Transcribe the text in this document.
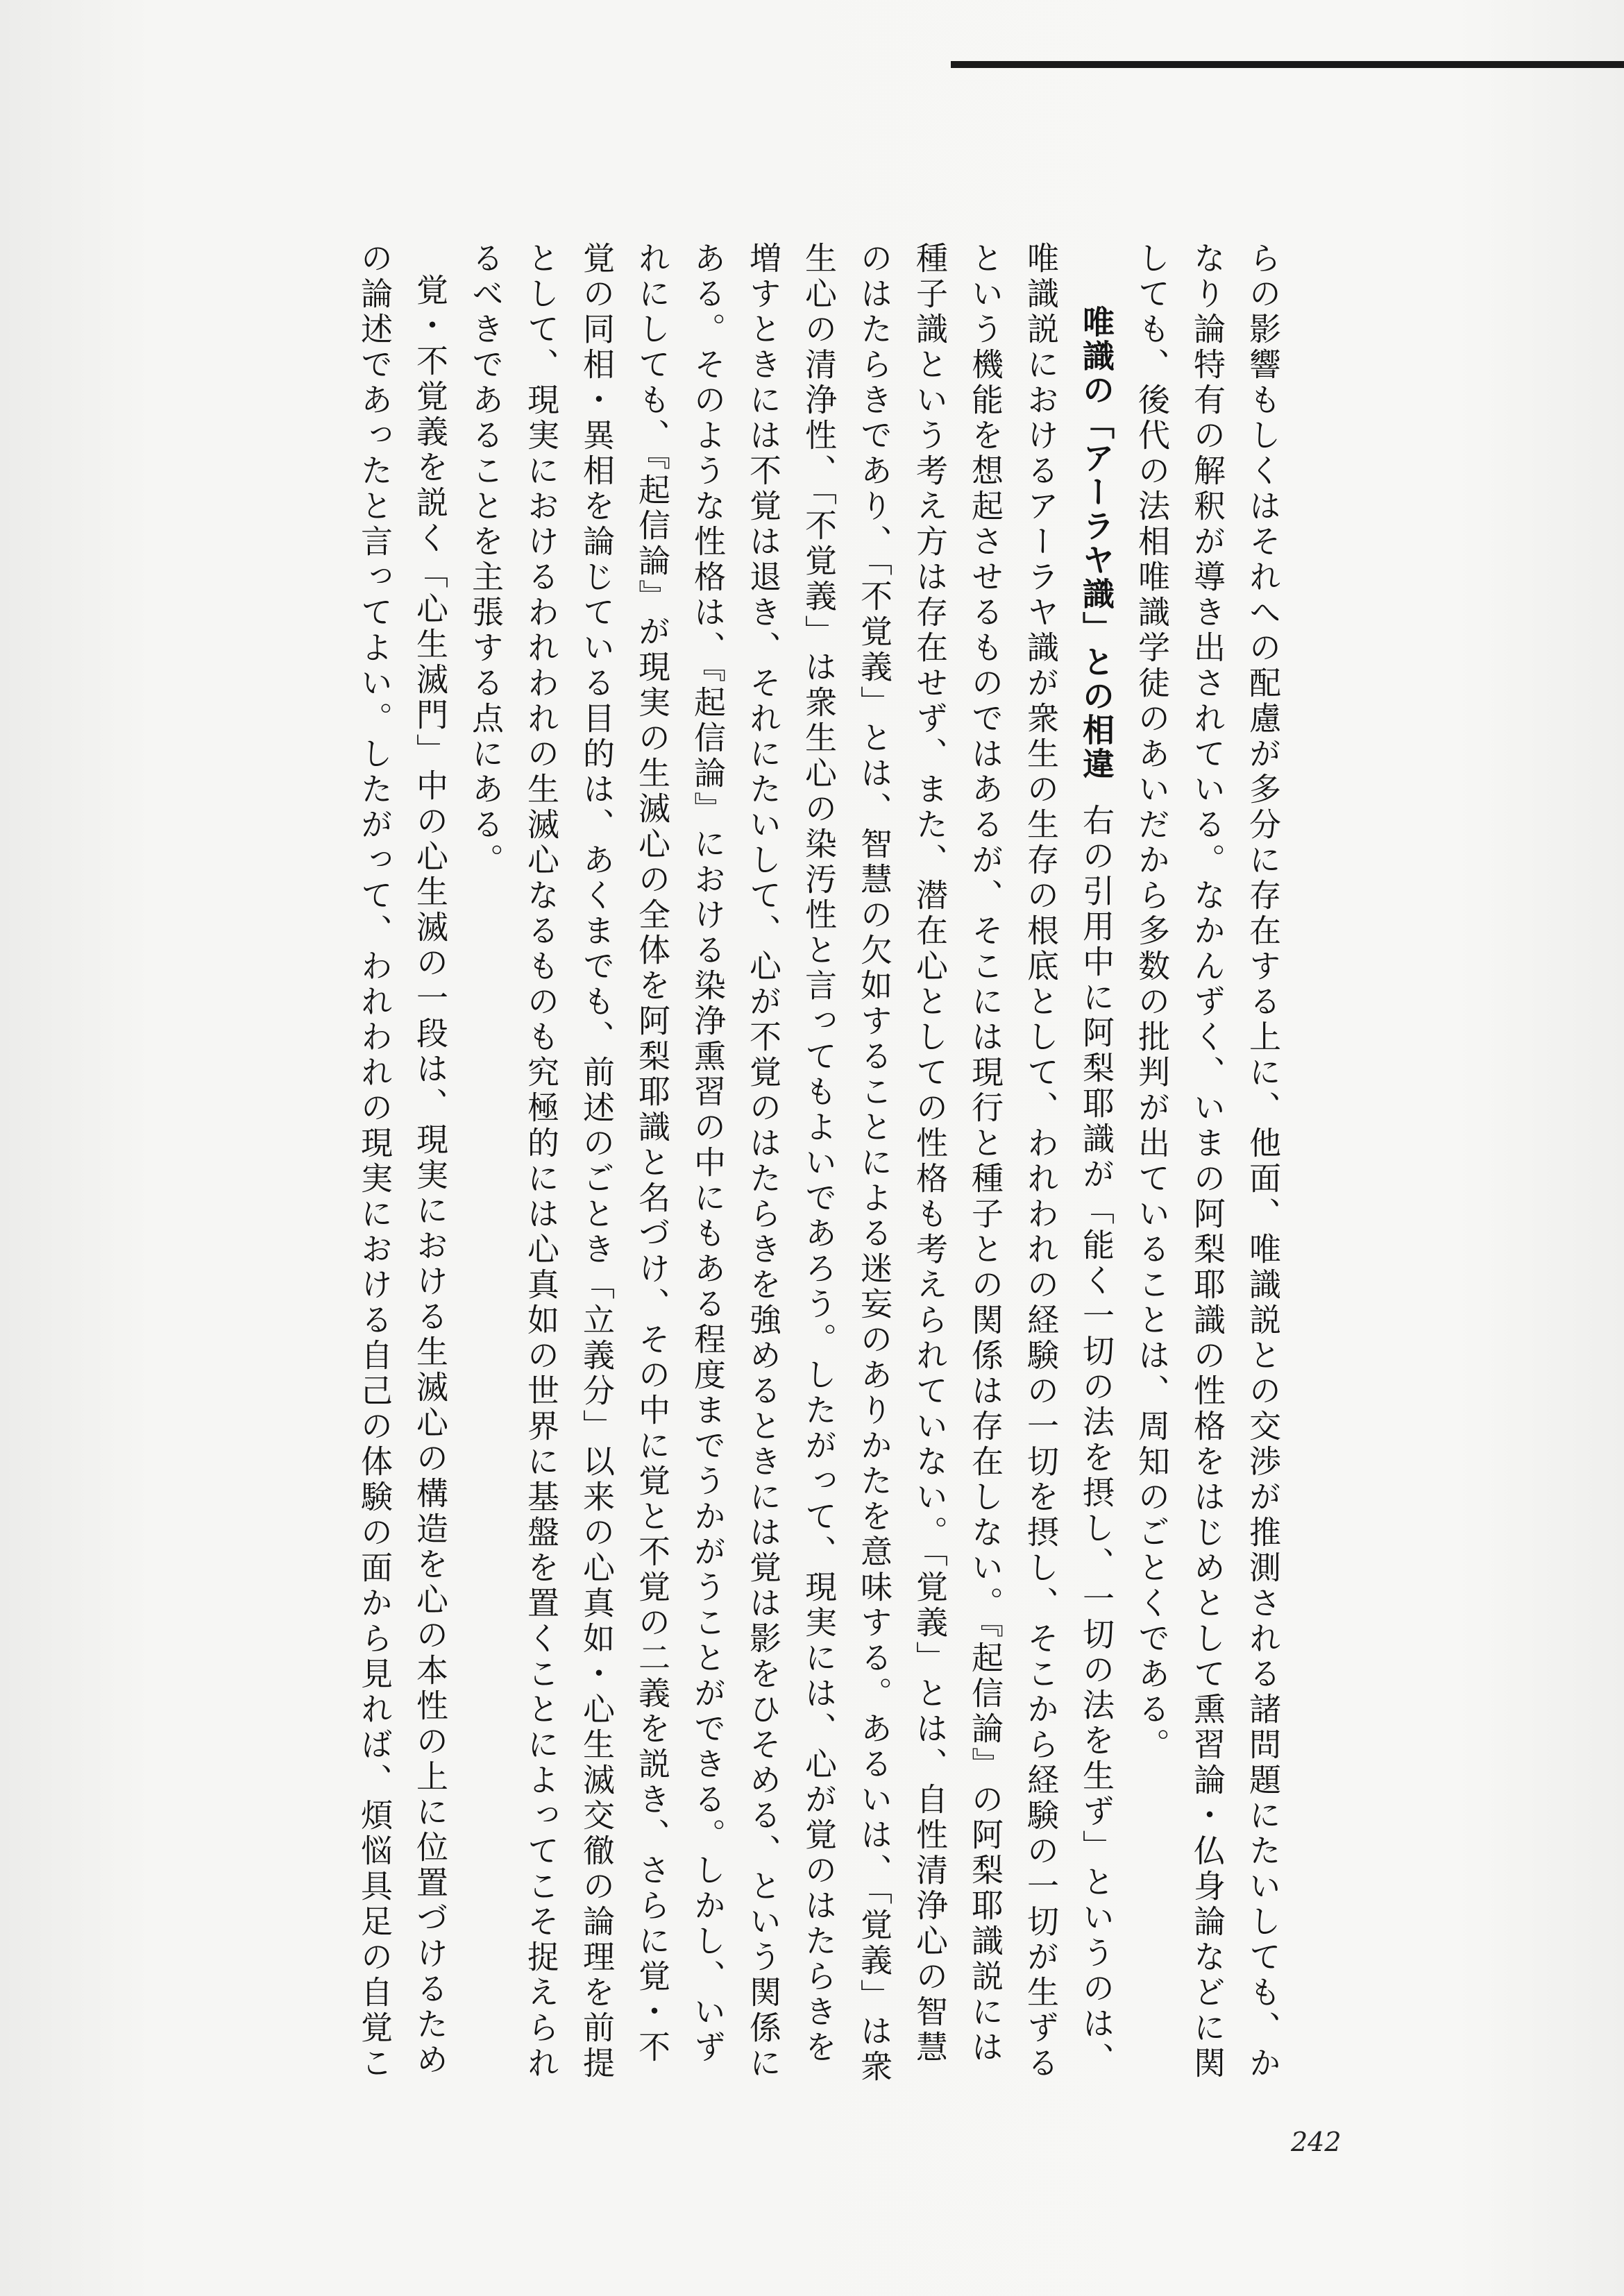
らの影響もしくはそれへの配慮が多分に存在する上に、他面、唯識説との交渉が推測される諸問題にたいしても、か
なり論特有の解釈が導き出されている。なかんずく、いまの阿梨耶識の性格をはじめとして熏習論・仏身論などに関
しても、後代の法相唯識学徒のあいだから多数の批判が出ていることは、周知のごとくである。
唯識の「アーラヤ識」との相違右の引用中に阿梨耶識が「能く一切の法を摂し、一切の法を生ず」というのは、
唯識説におけるアーラヤ識が衆生の生存の根底として、われわれの経験の一切を摂し、そこから経験の一切が生ずる
という機能を想起させるものではあるが、そこには現行と種子との関係は存在しない。『起信論』の阿梨耶識説には
種子識という考え方は存在せず、また、潜在心としての性格も考えられていない。「覚義」とは、自性清浄心の智慧
のはたらきであり、「不覚義」とは、智慧の欠如することによる迷妄のありかたを意味する。あるいは、「覚義」は衆
生心の清浄性、「不覚義」は衆生心の染汚性と言ってもよいであろう。したがって、現実には、心が覚のはたらきを
増すときには不覚は退き、それにたいして、心が不覚のはたらきを強めるときには覚は影をひそめる、という関係に
ある。そのような性格は、『起信論』における染浄熏習の中にもある程度までうかがうことができる。しかし、いず
れにしても、『起信論』が現実の生滅心の全体を阿梨耶識と名づけ、その中に覚と不覚の二義を説き、さらに覚・不
覚の同相・異相を論じている目的は、あくまでも、前述のごとき「立義分」以来の心真如・心生滅交徹の論理を前提
として、現実におけるわれわれの生滅心なるものも究極的には心真如の世界に基盤を置くことによってこそ捉えられ
るべきであることを主張する点にある。
覚・不覚義を説く「心生滅門」中の心生滅の一段は、現実における生滅心の構造を心の本性の上に位置づけるため
の論述であったと言ってよい。したがって、われわれの現実における自己の体験の面から見れば、煩悩具足の自覚こ
242
